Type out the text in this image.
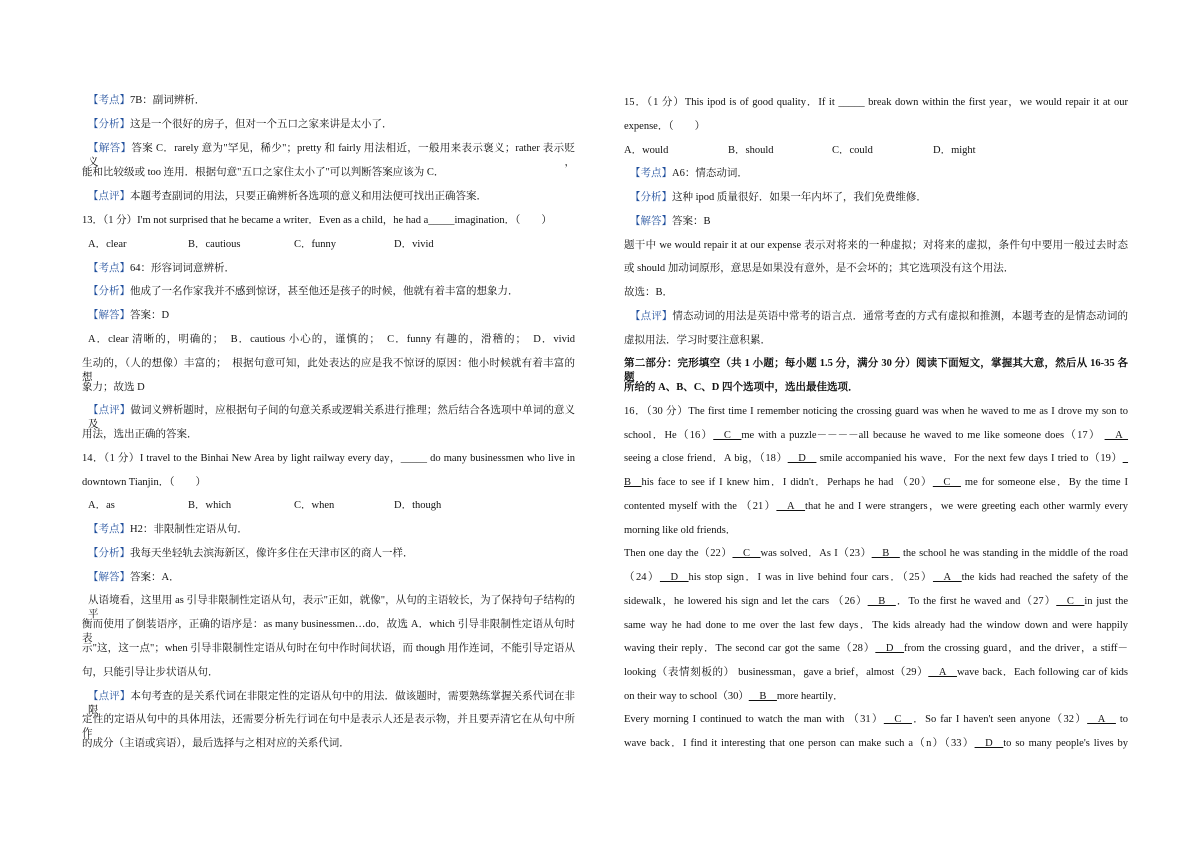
【考点】7B：副词辨析．
【分析】这是一个很好的房子，但对一个五口之家来讲是太小了．
【解答】答案 C．rarely 意为"罕见，稀少"；pretty 和 fairly 用法相近，一般用来表示褒义；rather 表示贬义，
能和比较级或 too 连用．根据句意"五口之家住太小了"可以判断答案应该为 C．
【点评】本题考查副词的用法，只要正确辨析各选项的意义和用法便可找出正确答案．
13．（1 分）I'm not surprised that he became a writer．Even as a child，he had a_____imagination．（　　）
A．clear	B．cautious	C．funny	D．vivid
【考点】64：形容词词意辨析．
【分析】他成了一名作家我并不感到惊讶，甚至他还是孩子的时候，他就有着丰富的想象力．
【解答】答案：D
A．clear 清晰的，明确的；　B．cautious 小心的，谨慎的；　C．funny 有趣的，滑稽的；　D．vivid
生动的，（人的想像）丰富的；　根据句意可知，此处表达的应是我不惊讶的原因：他小时候就有着丰富的想
象力；故选 D
【点评】做词义辨析题时，应根据句子间的句意关系或逻辑关系进行推理；然后结合各选项中单词的意义及
用法，选出正确的答案．
14．（1 分）I travel to the Binhai New Area by light railway every day，_____ do many businessmen who live in
downtown Tianjin．（　　）
A．as	B．which	C．when	D．though
【考点】H2：非限制性定语从句．
【分析】我每天坐轻轨去滨海新区，像许多住在天津市区的商人一样．
【解答】答案：A．
从语境看，这里用 as 引导非限制性定语从句，表示"正如，就像"，从句的主语较长，为了保持句子结构的平
衡而使用了倒装语序，正确的语序是：as many businessmen…do．故选 A．which 引导非限制性定语从句时表
示"这，这一点"；when 引导非限制性定语从句时在句中作时间状语，而 though 用作连词，不能引导定语从
句，只能引导让步状语从句．
【点评】本句考查的是关系代词在非限定性的定语从句中的用法．做该题时，需要熟练掌握关系代词在非限
定性的定语从句中的具体用法，还需要分析先行词在句中是表示人还是表示物，并且要弄清它在从句中所作
的成分（主语或宾语），最后选择与之相对应的关系代词．
15．（1 分）This ipod is of good quality．If it _____ break down within the first year，we would repair it at our
expense．（　　）
A．would	B．should	C．could	D．might
【考点】A6：情态动词．
【分析】这种 ipod 质量很好．如果一年内坏了，我们免费维修．
【解答】答案：B
题干中 we would repair it at our expense 表示对将来的一种虚拟；对将来的虚拟，条件句中要用一般过去时态
或 should 加动词原形，意思是如果没有意外，是不会坏的；其它选项没有这个用法．
故选：B．
【点评】情态动词的用法是英语中常考的语言点．通常考查的方式有虚拟和推测，本题考查的是情态动词的
虚拟用法．学习时要注意积累．
第二部分：完形填空（共 1 小题；每小题 1.5 分，满分 30 分）阅读下面短文，掌握其大意，然后从 16-35 各题
所给的 A、B、C、D 四个选项中，选出最佳选项．
16．（30 分）The first time I remember noticing the crossing guard was when he waved to me as I drove my son to
school．He（16）__C__me with a puzzle－－－－all because he waved to me like someone does（17） __A_
seeing a close friend．A big，（18）__D__ smile accompanied his wave．For the next few days I tried to（19）_
B__his face to see if I knew him．I didn't．Perhaps he had （20）__C__ me for someone else．By the time I
contented myself with the （21）__A__that he and I were strangers，we were greeting each other warmly every
morning like old friends．
Then one day the（22）__C__was solved．As I（23）__B__ the school he was standing in the middle of the road
（24）__D__his stop sign．I was in live behind four cars．（25）__A__the kids had reached the safety of the
sidewalk，he lowered his sign and let the cars （26）__B__．To the first he waved and（27）__C__in just the
same way he had done to me over the last few days．The kids already had the window down and were happily
waving their reply．The second car got the same（28）__D__from the crossing guard，and the driver，a stiff－
looking（表情刻板的） businessman，gave a brief，almost（29）__A__wave back．Each following car of kids
on their way to school（30）__B__more heartily．
Every morning I continued to watch the man with （31）__C__．So far I haven't seen anyone（32）__A__ to
wave back．I find it interesting that one person can make such a（n）（33）__D__to so many people's lives by
